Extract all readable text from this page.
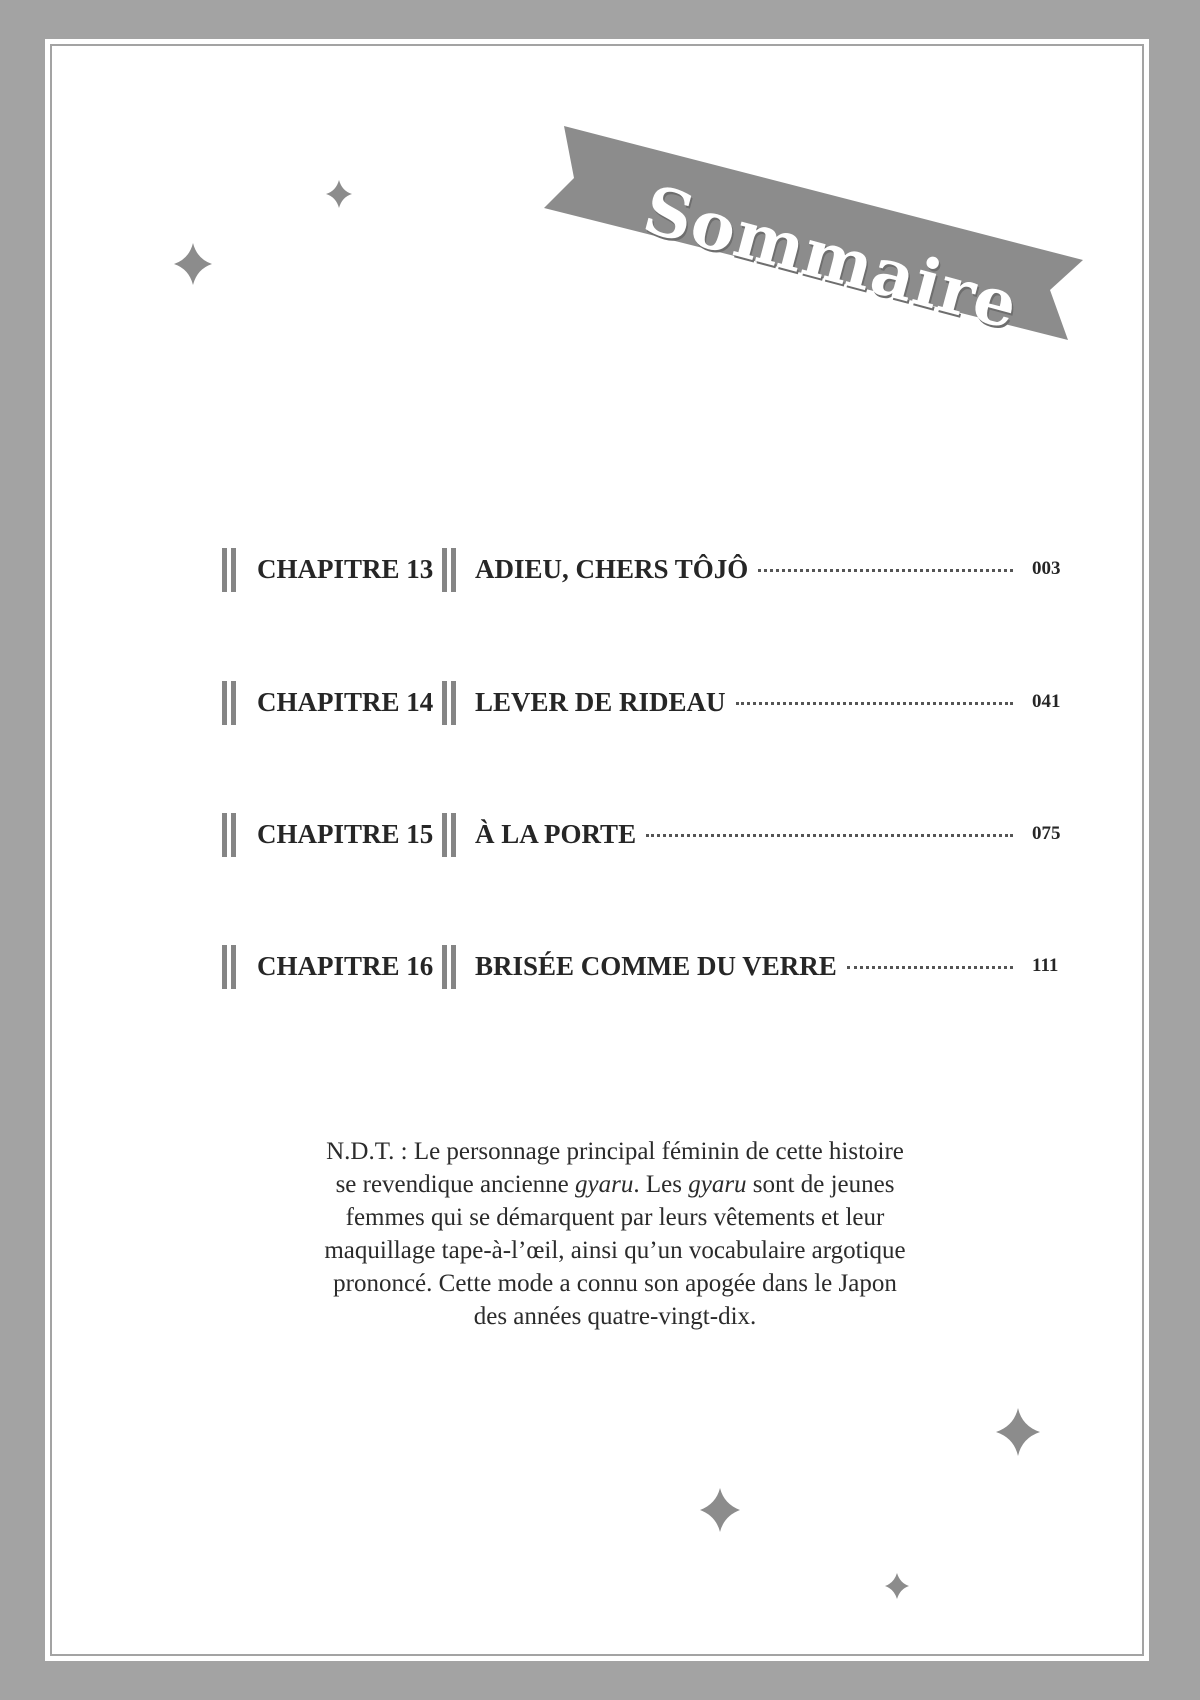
Sommaire
CHAPITRE 13 ADIEU, CHERS TÔJÔ	003
CHAPITRE 14 LEVER DE RIDEAU	041
CHAPITRE 15 À LA PORTE	075
CHAPITRE 16 BRISÉE COMME DU VERRE	111

N.D.T. : Le personnage principal féminin de cette histoire

se revendique ancienne gyaru. Les gyaru sont de jeunes

femmes qui se démarquent par leurs vêtements et leur

maquillage tape-à-l’œil, ainsi qu’un vocabulaire argotique

prononcé. Cette mode a connu son apogée dans le Japon

des années quatre-vingt-dix.
